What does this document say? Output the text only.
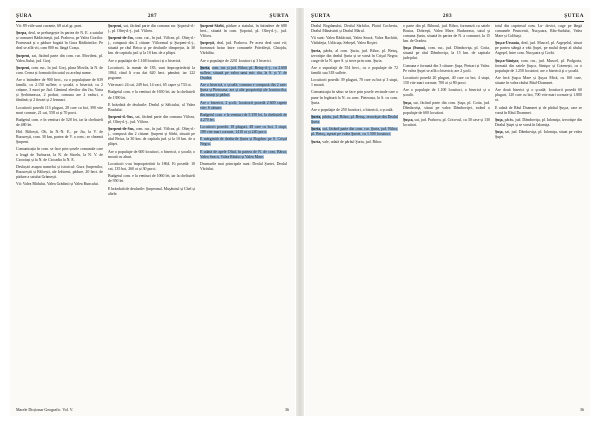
ŞURA	287	ŞURTA

Vii: 89 viile sunt cuvante, 68 ai al gr. pont.

Şurpa, deal, se prelungește în partea de N. E. a satului și comunei Rădăcineşti, jud. Prahova, pe Valea Ciorilor. Formează și o pădure bogată în Gura Rădăcinilor. Pe deal se află vii, cam 800 m. lângă Coașa.

Şurpeni, sat, făcând parte din com. rur. Movileni, pl. Valea Jiului, jud. Gorj.

Şurpeni, com. rur., în jud. Gorj, plasa Movila, la N. de com. Cerna și formată din satul cu același nume.

Are o întindere de 900 hect., cu o populațiune de 639 familii, cu 2.150 suflete; o școală, o biserică; cu 2 crâșme, 3 mori pe Jiul. Căminul elevilor din Jiu, Vatra și Șerbăneasca, 2 poduri, comuna are 2 vaduri, o fântână; și 2 fierari și 2 lemnari.

Locuitorii posedă 113 pluguri, 28 care cu boi, 390 vite mari cornute, 21 cai, 558 oi și 70 porci.

Budgetul com. e în venituri de 520 lei, iar la cheltuieli de 480 lei.

Hid. Bâlcești, Olt, în N.-N. E., pe Jiu, la V. de Bucureşti, com. 30 km, partea de V. a com.; se cheamă Şurpeni.

Comunicația în com. se face prin șosele comunale care o leagă de Turburea, la N. de Săcelu, la N. V. de Cioroiași și la N. de Ciocadia la N. E.

Deslușiri asupra numelui și istoricul: Gura Șurpenilor, Bucureștii și Bâlcești, ale Izbiceni, pădure, 20 hect. de pădure a satului Grămești.

Vii: Valea Blidului, Valea Grădinii și Valea Runcului.

Şurpeni, sat, făcând parte din comuna rur. Şopotul-d.-j., pl. Olteţ-d.-j., jud. Vâlcea.

Şurpeni-de-Jos, com. rur., în jud. Vâlcea, pl. Olteţ-d.-j., compusă din 2 cătune: Vâlceanul și Şurpeni-d.-j., situată pe râul Beica și pe dealurile dimprejur, la 30 km. de capitala jud. și la 10 km. de a plăşei.

Are o populaţie de 1.168 locuitori și o biserică.

Locuitorii, la număr de 183, sunt împroprietăriți la 1864, când li s-au dat 620 hect. pământ; iar 122 pogoane.

Vite mari: 24 cai, 249 boi, 14 vaci, 65 capre și 733 oi.

Budgetul com. e la venituri de 1650 lei, iar la cheltuieli de 1390 lei.

E brăzdată de dealurile: Dealul și Sălciului, al Valea Bradului.

Şurpeni-d.-Sus, sat, făcând parte din comuna Vâlcea, pl. Olteţ-d.-j., jud. Vâlcea.

Şurpeni-de-Sus, com. rur., în jud. Vâlcea, pl. Olteţ-d.-j., compusă din 2 cătune: Şurpeni și Sârbi, situată pe râul Beica, la 30 km. de capitala jud. și la 10 km. de a plăşei.

Are o populaţie de 600 locuitori, o biserică, o școală; o moară cu aburi.

Locuitorii s-au împroprietărit la 1864. Ei posedă: 10 cai, 135 boi, 260 oi și 30 porci.

Budgetul com. e la venituri de 1060 lei, iar la cheltuieli de 950 lei.

E brăzdată de dealurile: Şurpeanul, Muşătoiul și Chel și altele.

Şurpeni-Sârbi, pădure a statului, în întindere de 680 hect., situată în com. Şopotul, pl. Olteţ-d.-j., jud. Vâlcea.

Şurpeşti, deal, jud. Prahova. Pe acest deal sunt vii; formează hotar între comunele Prăvălești, Chiojdu, Vărbilău.

Are o populaţie de 2201 locuitori și 3 biserici.

Şurta, com. rur. și jud. Bihor, pl. Beiuş-d.-j., cu 2.600 suflete, situată pe valea unui mic râu, la S. și V. de Oradea.

Are o biserică, o școală; comuna e compusă din 2 sate: Şurta și Pietroasa; are și alte proprietăți ale locuitorilor, din munți și păduri.

Are o biserică, 2 școli; locuitorii posedă 2.600 capete vite; 6 cătune.

Budgetul com. e la venituri de 5.350 lei, la cheltuieli de 4.270 lei.

Locuitorii posedă: 18 pluguri, 48 care cu boi, 3 stupi, 180 vite mari cornute, 1410 oi și 240 porci.

E mărginită de dealurile Şurta și Bogdan: pe S. Crișul Negru.

E udată de apele Oltul, în partea de N. de com. Bârsa; Valea Seacă, Valea Râului și Valea Mare.

Drumurile mai principale sunt: Dealul Şurtei, Dealul Vârfului.

Marele Dicționar Geografic. Vol. V.	36
ŞURTA	283	ŞUTEA

Dealul Bogdanului, Dealul Sărbilor, Plaiul Cocheriu, Dealul Mănăstirii și Dealul Mărul.

Vii sunt: Valea Rădăcinii, Valea Seacă, Valea Rachitii, Văduleţia, Urlăcuţa, Sebeşel, Valea Roşiei.

Şurta, pârâu, al com. Şurta, jud. Bihor, pl. Beiuş, izvorăşte din dealul Şurta și se varsă în Crişul Negru; curge de la N. spre S. și trece prin com. Şurta.

Are o suprafaţă de 554 hect., cu o populaţie de 72 familii sau 318 suflete.

Locuitorii posedă: 39 pluguri, 70 care cu boi și 3 stupi, 1 moară.

Comunicaţia în sătuc se face prin şosele vecinale care o pune în legătură la N. cu com. Pietroasa, la S. cu com. Şurta.

Are o populaţie de 250 locuitori, o biserică, o școală.

Şurta, pârâu, jud. Bihor, pl. Beiuş, izvorăşte din Dealul Şurta.

Şurta, sat, făcând parte din com. rur. Şurta, jud. Bihor, pl. Beiuş, aşezat pe valea Şurtei, cu 1.500 locuitori.

Şurta, vale, udată de pârâul Şurta, jud. Bihor.

o parte din pl. Bihorul, jud. Bihor, formează cu satele Bratca, Dobreşti, Valea Mare, Budureasa, satul şi comuna Şurta, situată în partea de N. a comunei, la 15 km. de Oradea.

Şuşa (Suma), com. rur., jud. Dâmboviţa, pl. Cotia, situată pe râul Dâmboviţa, la 15 km. de capitala judeţului.

Comuna e formată din 3 cătune: Şuşa, Pietrari și Valea. Pe valea Şuşei se află o biserică; are 2 şcoli.

Locuitorii posedă 20 pluguri, 40 care cu boi, 4 stupi, 150 vite mari cornute, 700 oi și 80 porci.

Are o populaţie de 1.100 locuitori, o biserică și o școală.

Şuşa, sat, făcând parte din com. Şuşa, pl. Cotia, jud. Dâmboviţa, situat pe valea Dâmboviţei, având o populaţie de 600 locuitori.

Şuşca, sat, jud. Prahova, pl. Cricovul, cu 30 case și 130 locuitori.

totul din cuprinsul com. Lu- dovici, cuge pe lângă comunele Pruncenii, Nucşoara, Râu-Sadului, Valea Mare și Colibaşi.

Şuşca-Ursoaia, deal, jud. Muscel, pl. Argeşelul, situat pe partea stângă a văii Şuşei, pe malul drept al râului Argeşel, între com. Nucşoara şi Corbi.

Şuşca-Sănişor, com. rur., jud. Muscel, pl. Podgoria, formată din satele Şuşca, Sănişor și Cotenești, cu o populaţie de 1.250 locuitori; are o biserică şi o şcoală.

Are încă Şuşca Mare și Şuşca Mică, cu 160 case, situate în valea râului Râul-Doamnei.

Are două biserici şi o şcoală; locuitorii posedă 60 pluguri, 120 care cu boi, 700 vite mari cornute și 1.800 oi.

E udată de Râul Doamnei și de pârâul Şuşca, care se varsă în Râul Doamnei.

Şuţa, pârâu, jud. Dâmboviţa, pl. Ialomiţa, izvorăşte din Dealul Şuţei și se varsă în Ialomiţa.

Şuţa, sat, jud. Dâmboviţa, pl. Ialomiţa, situat pe valea Şuţei.

36
